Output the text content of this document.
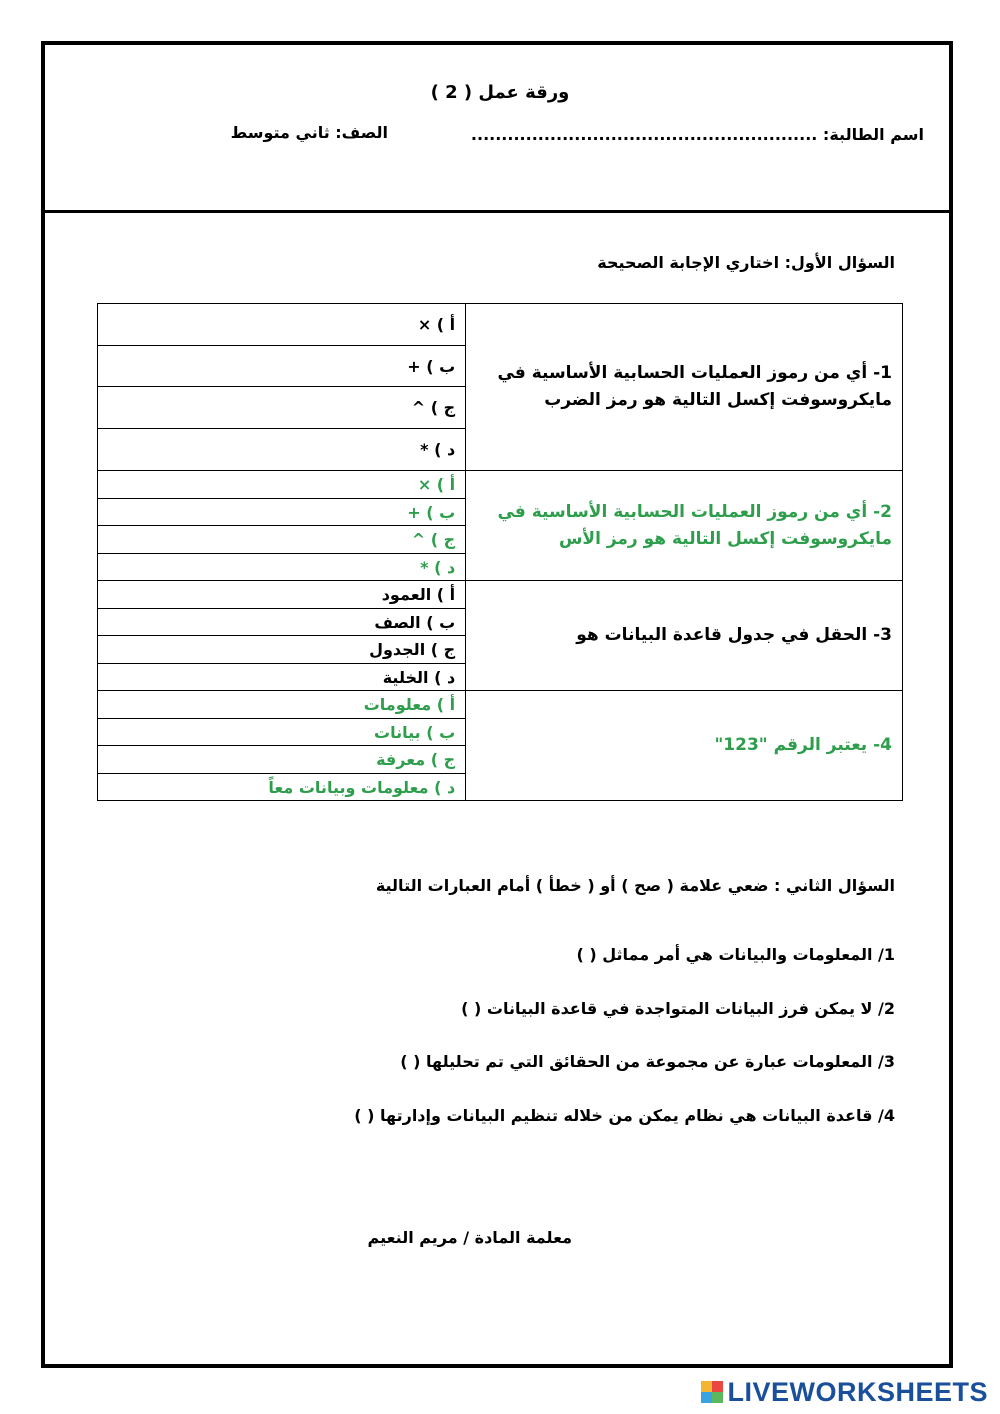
ورقة عمل ( 2 )
اسم الطالبة: .........................................................
الصف: ثاني متوسط
السؤال الأول: اختاري الإجابة الصحيحة
أ ) ×	1- أي من رموز العمليات الحسابية الأساسية في مايكروسوفت إكسل التالية هو رمز الضرب
ب ) +	
ج ) ^	
د ) *	
أ ) ×	2- أي من رموز العمليات الحسابية الأساسية في مايكروسوفت إكسل التالية هو رمز الأس
ب ) +	
ج ) ^	
د ) *	
أ ) العمود	3- الحقل في جدول قاعدة البيانات هو
ب ) الصف	
ج ) الجدول	
د ) الخلية	
أ ) معلومات	4- يعتبر الرقم "123"
ب ) بيانات	
ج ) معرفة	
د ) معلومات وبيانات معاً	
السؤال الثاني : ضعي علامة ( صح ) أو ( خطأ ) أمام العبارات التالية
1/ المعلومات والبيانات هي أمر مماثل ( )
2/ لا يمكن فرز البيانات المتواجدة في قاعدة البيانات ( )
3/ المعلومات عبارة عن مجموعة من الحقائق التي تم تحليلها ( )
4/ قاعدة البيانات هي نظام يمكن من خلاله تنظيم البيانات وإدارتها ( )
معلمة المادة / مريم النعيم
LIVEWORKSHEETS
